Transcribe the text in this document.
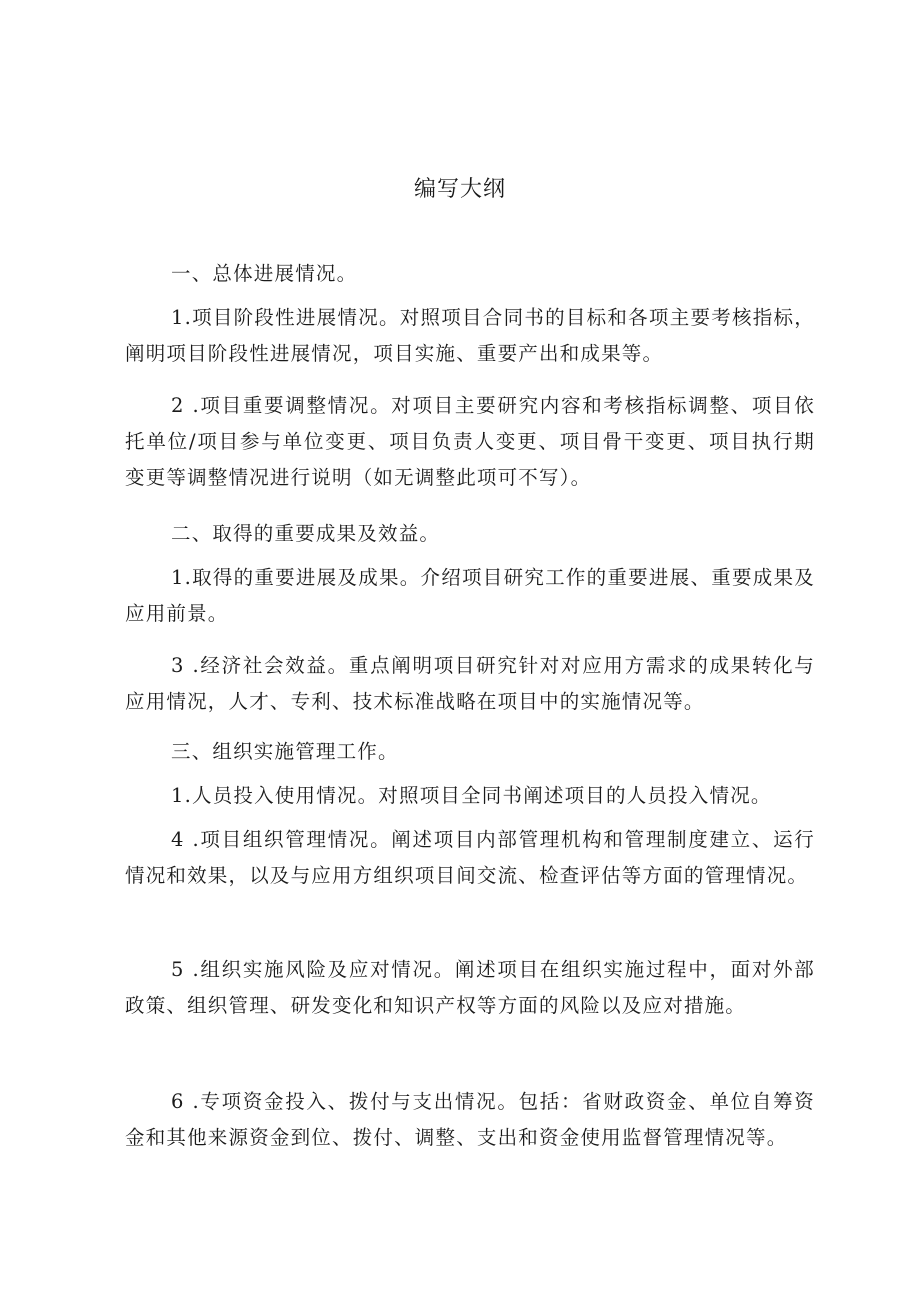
编写大纲

一、总体进展情况。

1.项目阶段性进展情况。对照项目合同书的目标和各项主要考核指标，阐明项目阶段性进展情况，项目实施、重要产出和成果等。

2 .项目重要调整情况。对项目主要研究内容和考核指标调整、项目依托单位/项目参与单位变更、项目负责人变更、项目骨干变更、项目执行期变更等调整情况进行说明（如无调整此项可不写）。

二、取得的重要成果及效益。

1.取得的重要进展及成果。介绍项目研究工作的重要进展、重要成果及应用前景。

3 .经济社会效益。重点阐明项目研究针对对应用方需求的成果转化与应用情况，人才、专利、技术标准战略在项目中的实施情况等。

三、组织实施管理工作。

1.人员投入使用情况。对照项目全同书阐述项目的人员投入情况。

4 .项目组织管理情况。阐述项目内部管理机构和管理制度建立、运行情况和效果，以及与应用方组织项目间交流、检查评估等方面的管理情况。

5 .组织实施风险及应对情况。阐述项目在组织实施过程中，面对外部政策、组织管理、研发变化和知识产权等方面的风险以及应对措施。

6 .专项资金投入、拨付与支出情况。包括：省财政资金、单位自筹资金和其他来源资金到位、拨付、调整、支出和资金使用监督管理情况等。
